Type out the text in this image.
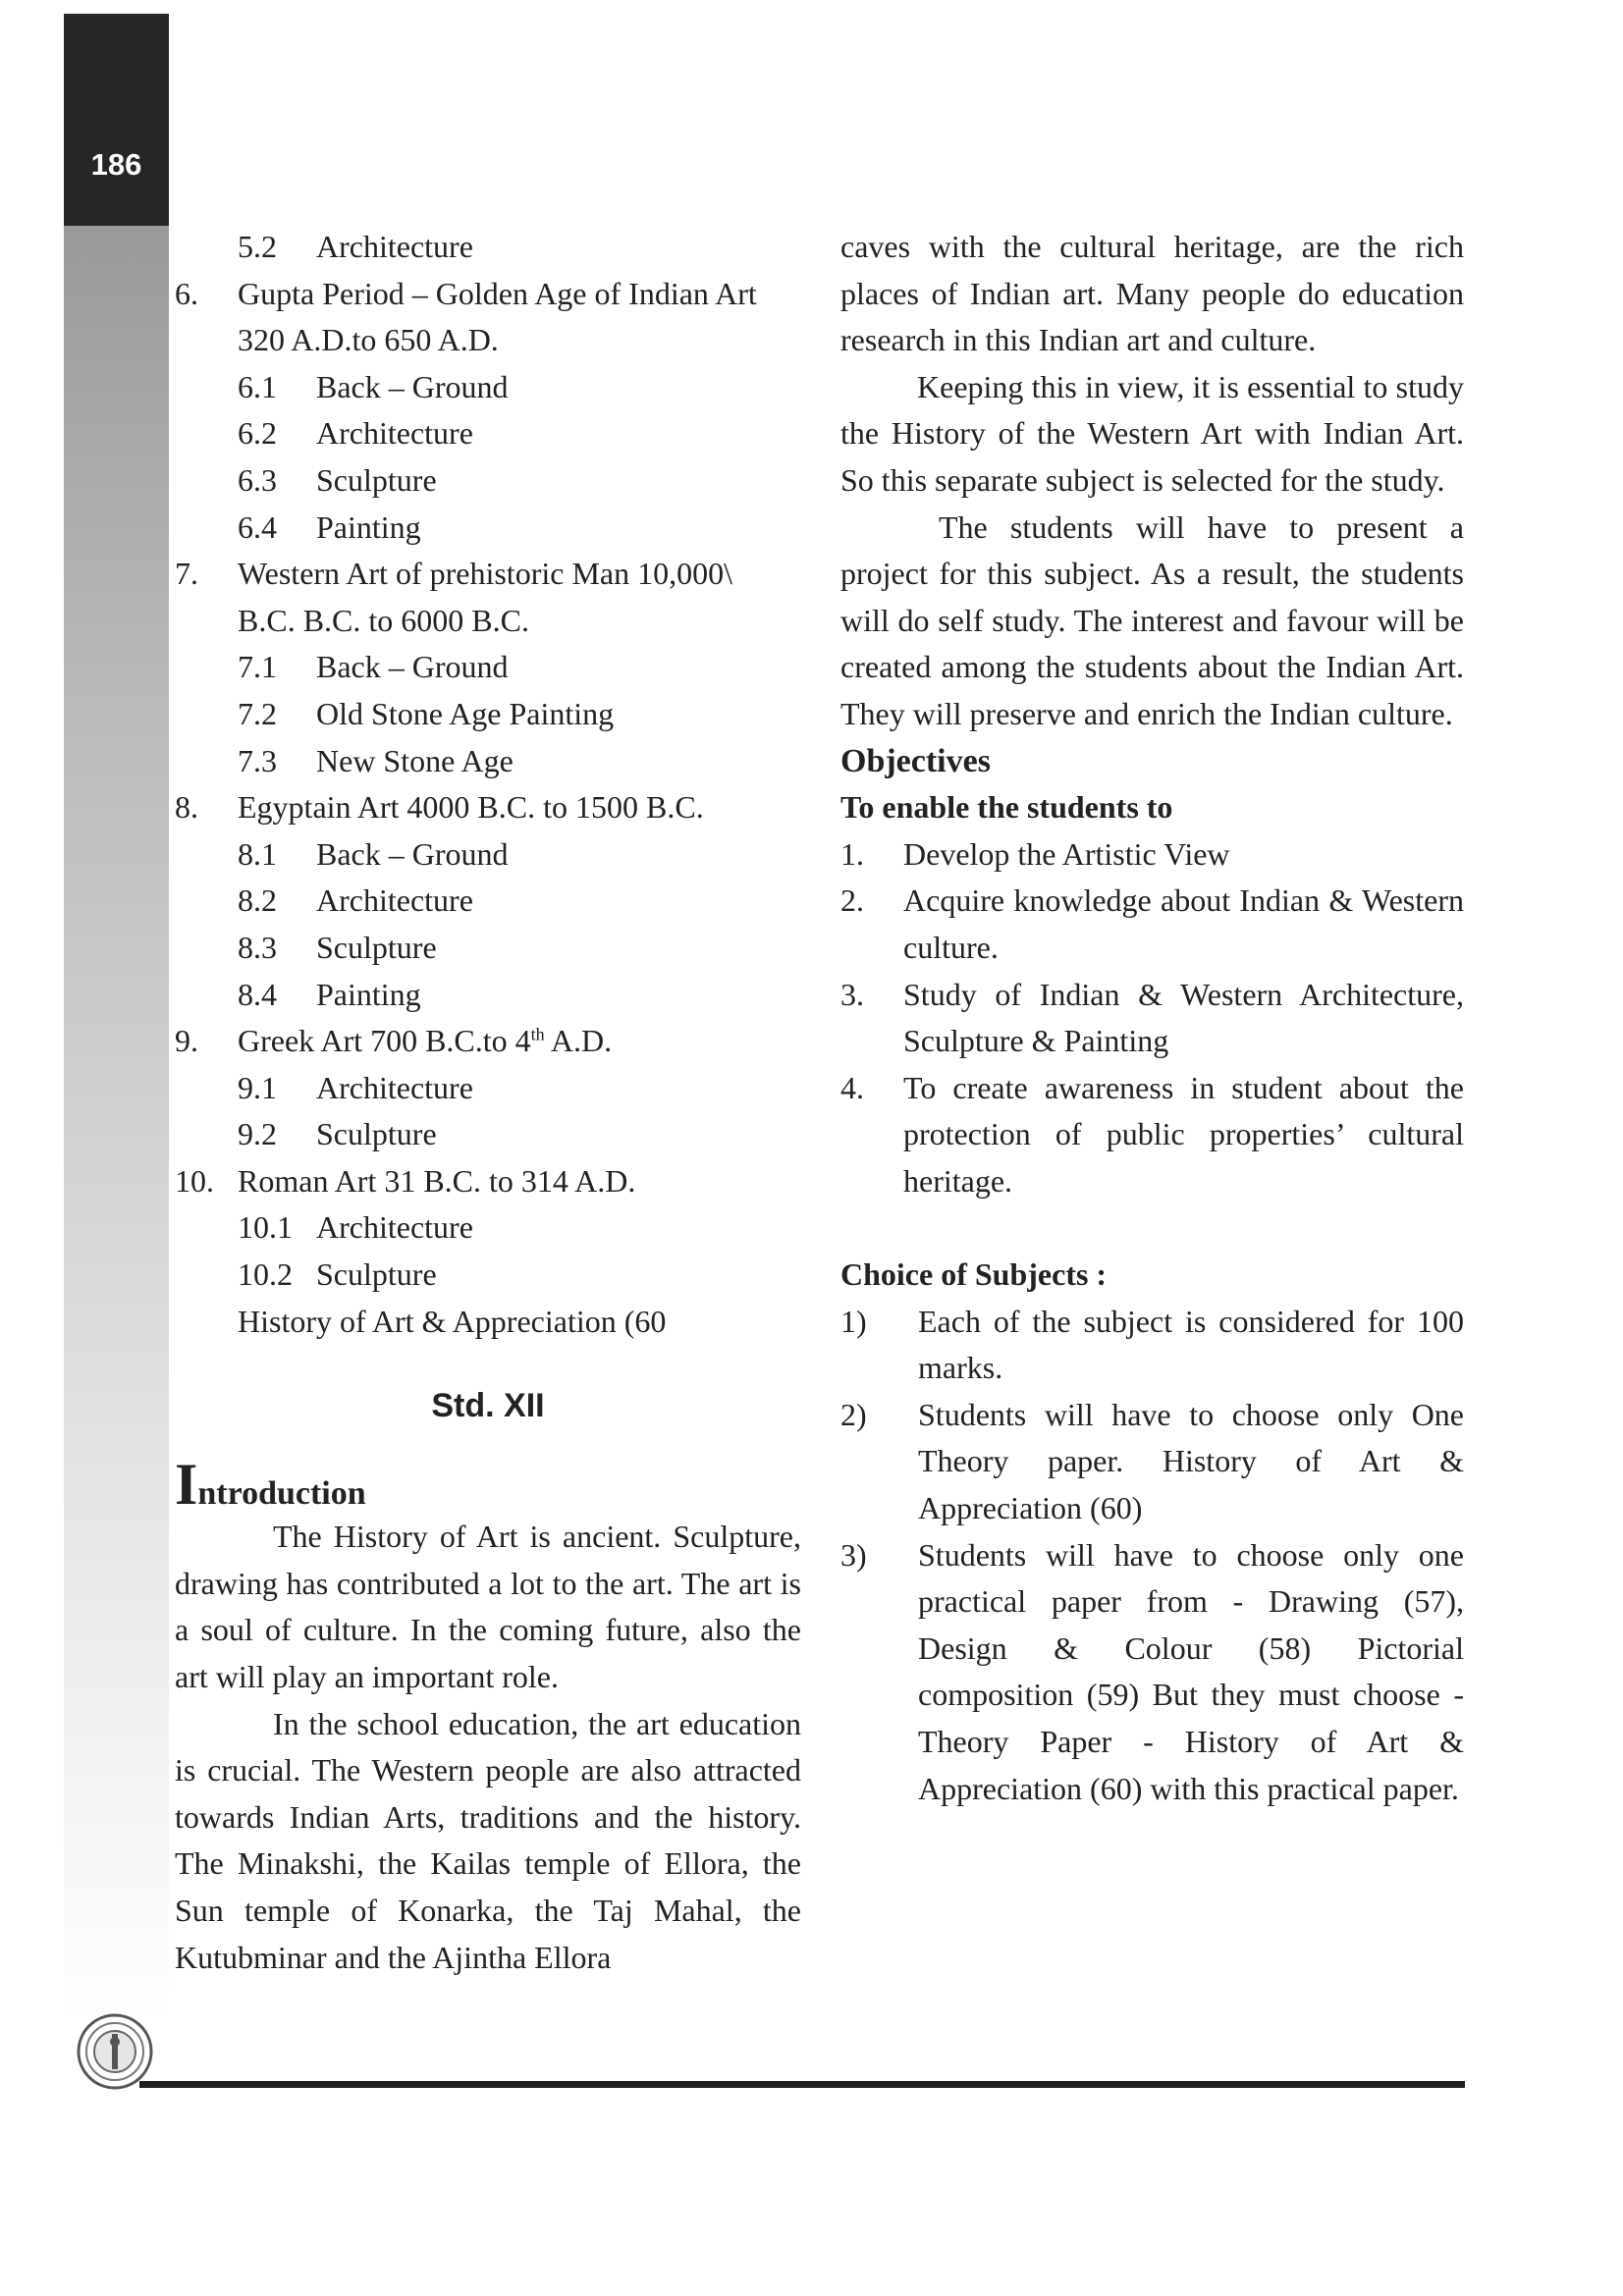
186
5.2 Architecture
6. Gupta Period – Golden Age of Indian Art
320 A.D.to 650 A.D.
6.1 Back – Ground
6.2 Architecture
6.3 Sculpture
6.4 Painting
7. Western Art of prehistoric Man 10,000\
B.C. B.C. to 6000 B.C.
7.1 Back – Ground
7.2 Old Stone Age Painting
7.3 New Stone Age
8. Egyptain Art 4000 B.C. to 1500 B.C.
8.1 Back – Ground
8.2 Architecture
8.3 Sculpture
8.4 Painting
9. Greek Art 700 B.C.to 4th A.D.
9.1 Architecture
9.2 Sculpture
10. Roman Art 31 B.C. to 314 A.D.
10.1 Architecture
10.2 Sculpture
History of Art & Appreciation (60
Std. XII
Introduction
The History of Art is ancient. Sculpture, drawing has contributed a lot to the art. The art is a soul of culture. In the coming future, also the art will play an important role.
In the school education, the art education is crucial. The Western people are also attracted towards Indian Arts, traditions and the history. The Minakshi, the Kailas temple of Ellora, the Sun temple of Konarka, the Taj Mahal, the Kutubminar and the Ajintha Ellora
caves with the cultural heritage, are the rich places of Indian art. Many people do education research in this Indian art and culture.
Keeping this in view, it is essential to study the History of the Western Art with Indian Art. So this separate subject is selected for the study.
The students will have to present a project for this subject. As a result, the students will do self study. The interest and favour will be created among the students about the Indian Art. They will preserve and enrich the Indian culture.
Objectives
To enable the students to
1. Develop the Artistic View
2. Acquire knowledge about Indian & Western culture.
3. Study of Indian & Western Architecture, Sculpture & Painting
4. To create awareness in student about the protection of public properties’ cultural heritage.
Choice of Subjects :
1) Each of the subject is considered for 100 marks.
2) Students will have to choose only One Theory paper. History of Art & Appreciation (60)
3) Students will have to choose only one practical paper from - Drawing (57), Design & Colour (58) Pictorial composition (59) But they must choose - Theory Paper - History of Art & Appreciation (60) with this practical paper.
